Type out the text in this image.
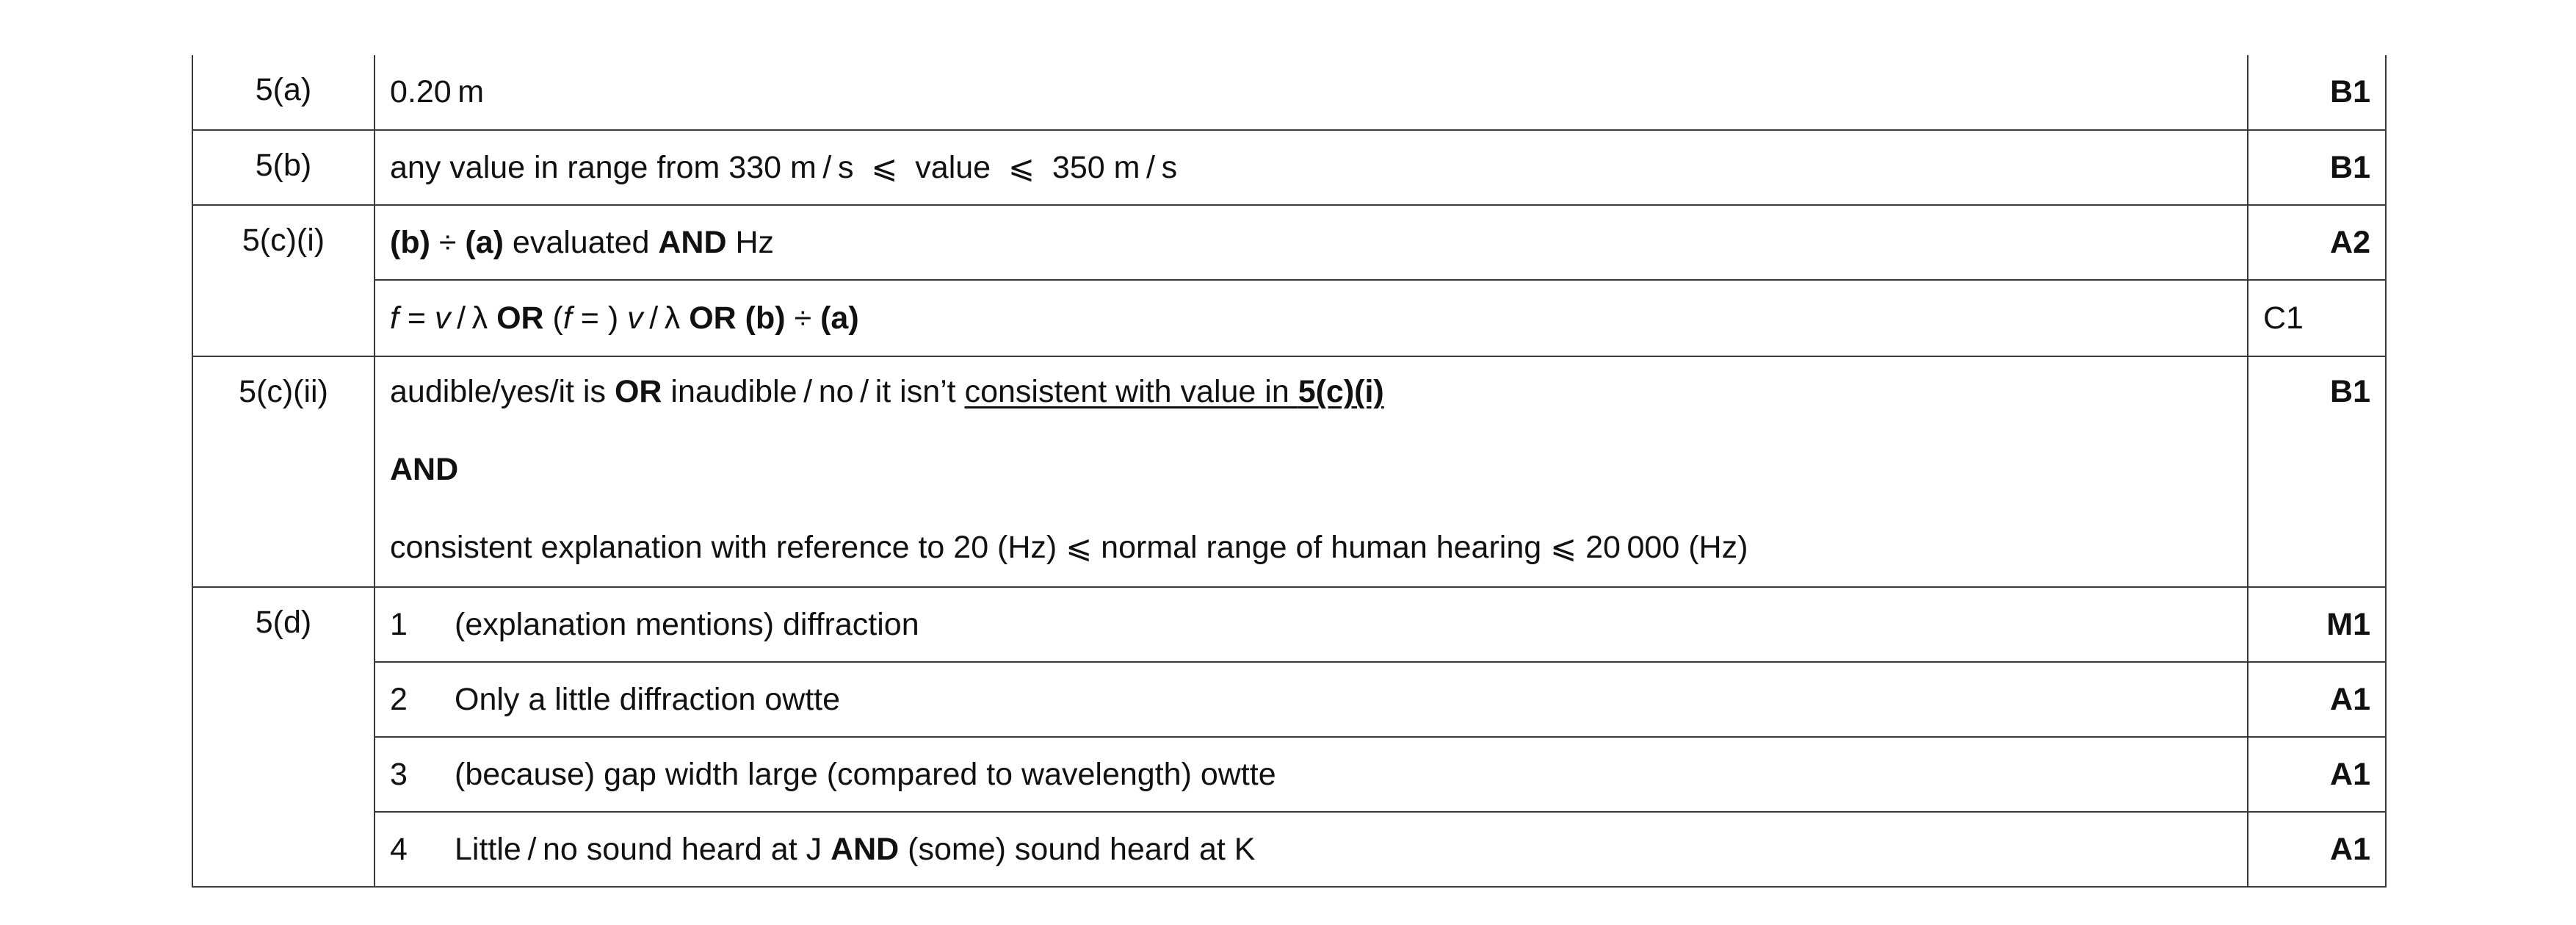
5(a)	0.20 m	B1
5(b)	any value in range from 330 m / s  ⩽  value  ⩽  350 m / s	B1
5(c)(i)	(b) ÷ (a) evaluated AND Hz	A2
	f = v / λ OR (f = ) v / λ OR (b) ÷ (a)	C1
5(c)(ii)	audible/yes/it is OR inaudible / no / it isn’t consistent with value in 5(c)(i)
AND
consistent explanation with reference to 20 (Hz) ⩽ normal range of human hearing ⩽ 20 000 (Hz)	B1
5(d)	1 (explanation mentions) diffraction	M1
	2 Only a little diffraction owtte	A1
	3 (because) gap width large (compared to wavelength) owtte	A1
	4 Little / no sound heard at J AND (some) sound heard at K	A1
